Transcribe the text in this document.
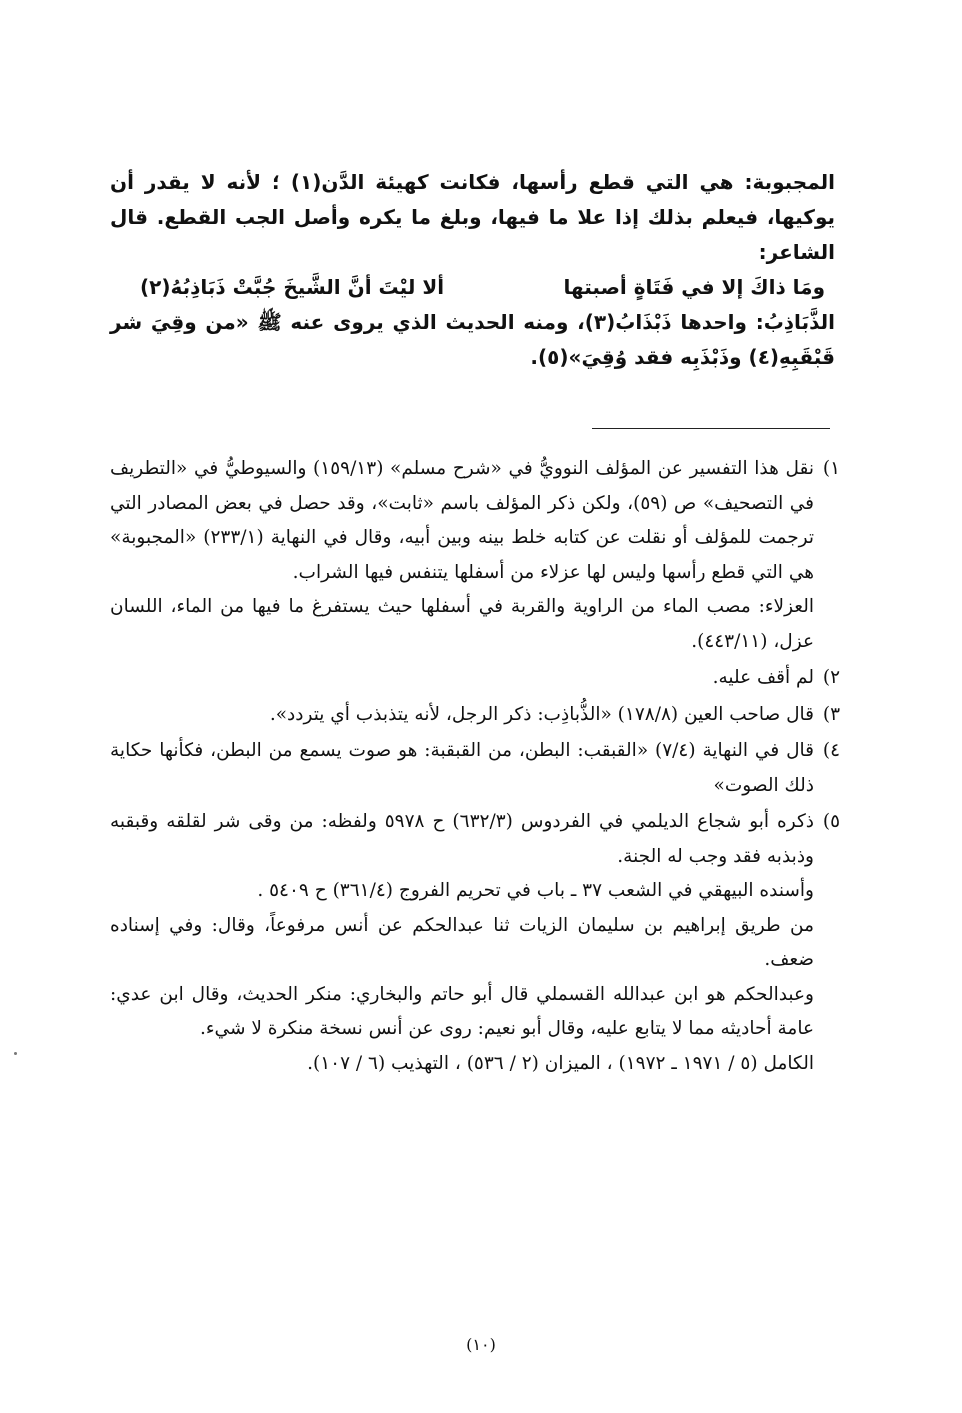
المجبوبة: هي التي قطع رأسها، فكانت كهيئة الدَّن(١) ؛ لأنه لا يقدر أن يوكيها، فيعلم بذلك إذا علا ما فيها، وبلغ ما يكره وأصل الجب القطع. قال الشاعر:

ومَا ذاكَ إلا في فَتَاةٍ أصبتها
ألا ليْتَ أنَّ الشَّيخَ جُبَّتْ ذَبَاذِبُهُ(٢)

الذَّبَاذِبُ: واحدها ذَبْذَابُ(٣)، ومنه الحديث الذي يروى عنه ﷺ «من وقِيَ شر قَبْقَبِهِ(٤) وذَبْذَبِه فقد وُقِيَ»(٥).

١)

نقل هذا التفسير عن المؤلف النوويُّ في «شرح مسلم» (١٥٩/١٣) والسيوطيُّ في «التطريف في التصحيف» ص (٥٩)، ولكن ذكر المؤلف باسم «ثابت»، وقد حصل في بعض المصادر التي ترجمت للمؤلف أو نقلت عن كتابه خلط بينه وبين أبيه، وقال في النهاية (٢٣٣/١) «المجبوبة» هي التي قطع رأسها وليس لها عزلاء من أسفلها يتنفس فيها الشراب.

العزلاء: مصب الماء من الراوية والقربة في أسفلها حيث يستفرغ ما فيها من الماء، اللسان عزل، (٤٤٣/١١).

٢)

لم أقف عليه.

٣)

قال صاحب العين (١٧٨/٨) «الذُّباذِب: ذكر الرجل، لأنه يتذبذب أي يتردد».

٤)

قال في النهاية (٧/٤) «القبقب: البطن، من القبقبة: هو صوت يسمع من البطن، فكأنها حكاية ذلك الصوت»

٥)

ذكره أبو شجاع الديلمي في الفردوس (٦٣٢/٣) ح ٥٩٧٨ ولفظه: من وقى شر لقلقه وقبقبه وذبذبه فقد وجب له الجنة.

وأسنده البيهقي في الشعب ٣٧ ـ باب في تحريم الفروج (٣٦١/٤) ح ٥٤٠٩ .

من طريق إبراهيم بن سليمان الزيات ثنا عبدالحكم عن أنس مرفوعاً، وقال: وفي إسناده ضعف.

وعبدالحكم هو ابن عبدالله القسملي قال أبو حاتم والبخاري: منكر الحديث، وقال ابن عدي: عامة أحاديثه مما لا يتابع عليه، وقال أبو نعيم: روى عن أنس نسخة منكرة لا شيء.

الكامل (٥ / ١٩٧١ ـ ١٩٧٢) ، الميزان (٢ / ٥٣٦) ، التهذيب (٦ / ١٠٧).

(١٠)
